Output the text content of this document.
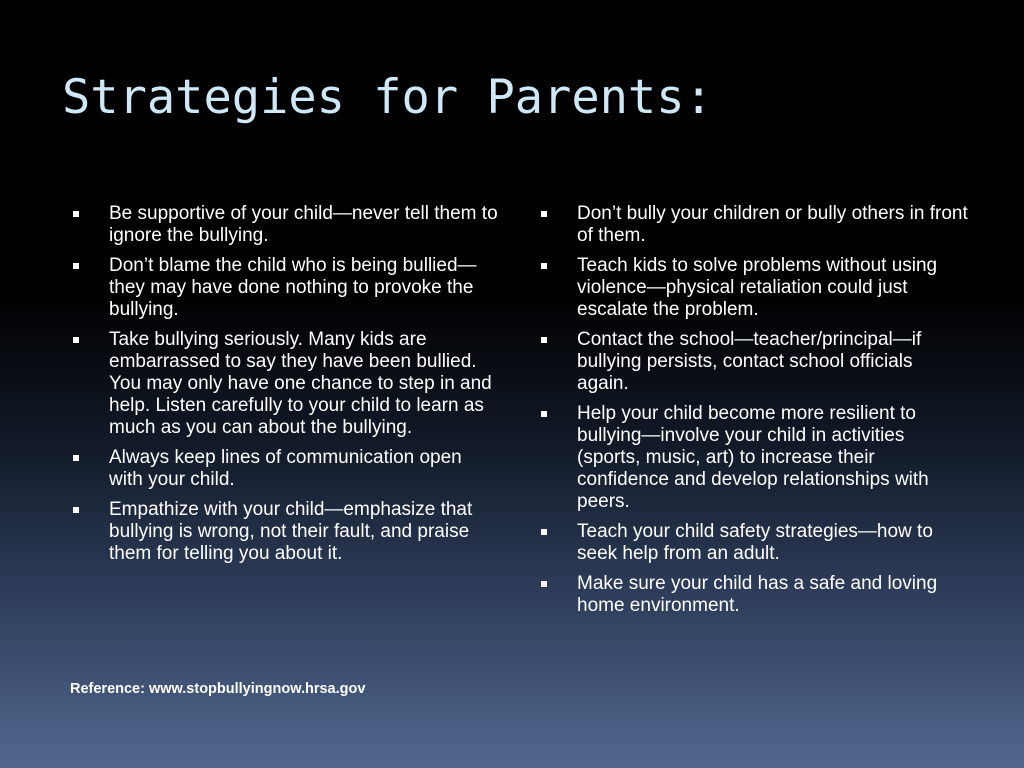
Strategies for Parents:
Be supportive of your child—never tell them to ignore the bullying.
Don’t blame the child who is being bullied—they may have done nothing to provoke the bullying.
Take bullying seriously. Many kids are embarrassed to say they have been bullied. You may only have one chance to step in and help. Listen carefully to your child to learn as much as you can about the bullying.
Always keep lines of communication open with your child.
Empathize with your child—emphasize that bullying is wrong, not their fault, and praise them for telling you about it.
Don’t bully your children or bully others in front of them.
Teach kids to solve problems without using violence—physical retaliation could just escalate the problem.
Contact the school—teacher/principal—if bullying persists, contact school officials again.
Help your child become more resilient to bullying—involve your child in activities (sports, music, art) to increase their confidence and develop relationships with peers.
Teach your child safety strategies—how to seek help from an adult.
Make sure your child has a safe and loving home environment.
Reference: www.stopbullyingnow.hrsa.gov
